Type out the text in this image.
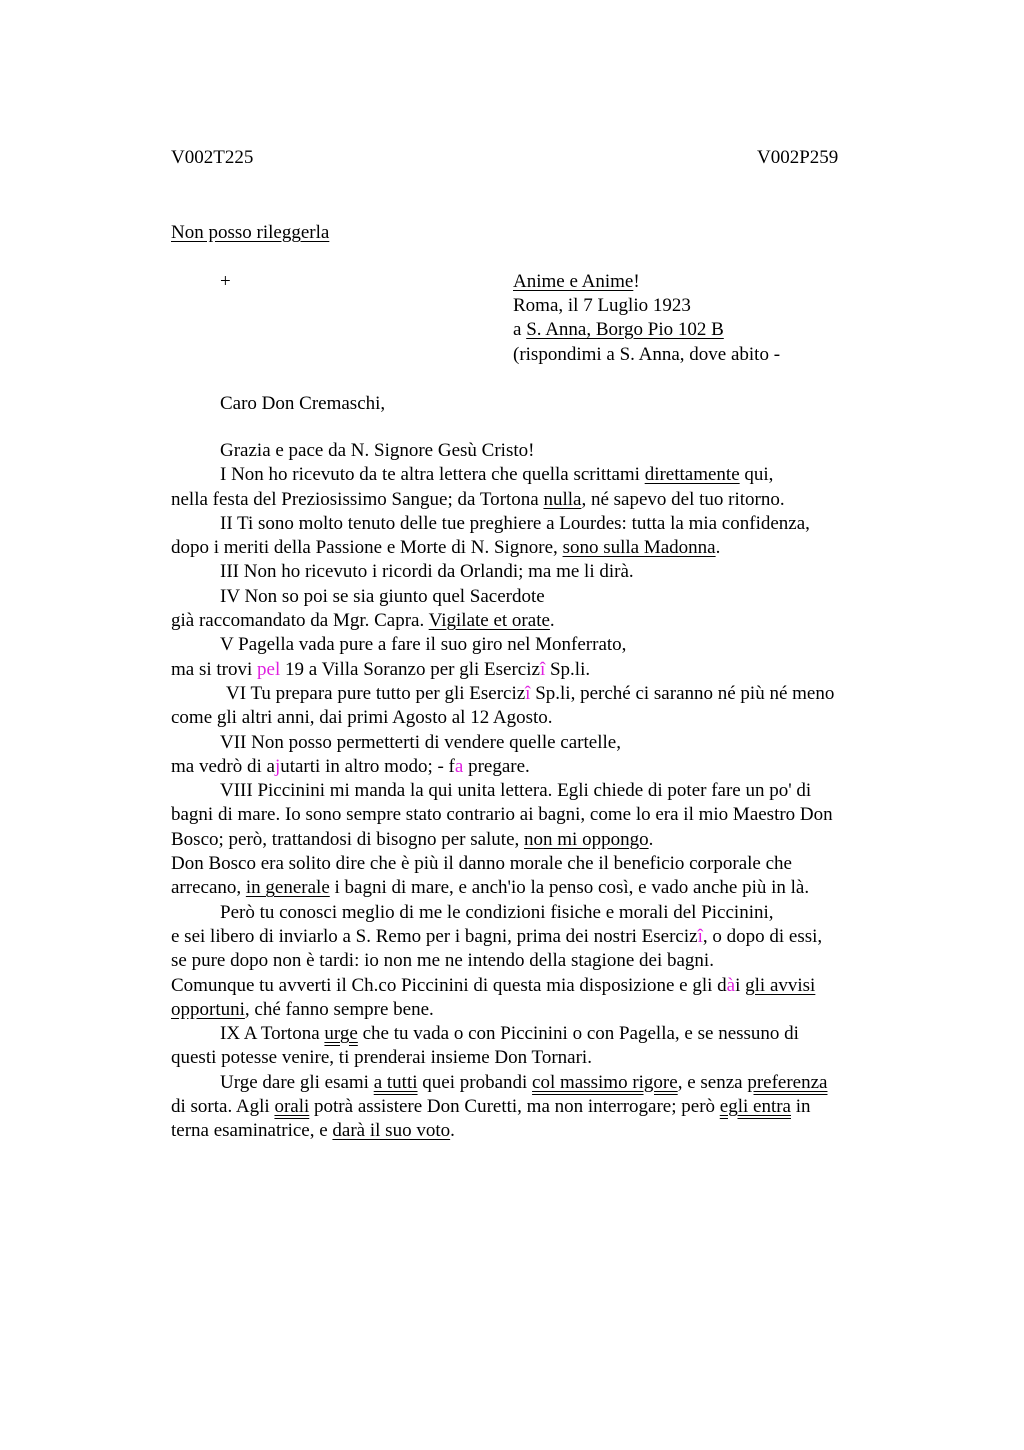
V002T225	V002P259
Non posso rileggerla
+	Anime e Anime!
Roma, il 7 Luglio 1923
a S. Anna, Borgo Pio 102 B
(rispondimi a S. Anna, dove abito -
Caro Don Cremaschi,
Grazia e pace da N. Signore Gesù Cristo!
I Non ho ricevuto da te altra lettera che quella scrittami direttamente qui,
nella festa del Preziosissimo Sangue; da Tortona nulla, né sapevo del tuo ritorno.
II Ti sono molto tenuto delle tue preghiere a Lourdes: tutta la mia confidenza,
dopo i meriti della Passione e Morte di N. Signore, sono sulla Madonna.
III Non ho ricevuto i ricordi da Orlandi; ma me li dirà.
IV Non so poi se sia giunto quel Sacerdote
già raccomandato da Mgr. Capra. Vigilate et orate.
V Pagella vada pure a fare il suo giro nel Monferrato,
ma si trovi pel 19 a Villa Soranzo per gli Esercizî Sp.li.
VI Tu prepara pure tutto per gli Esercizî Sp.li, perché ci saranno né più né meno
come gli altri anni, dai primi Agosto al 12 Agosto.
VII Non posso permetterti di vendere quelle cartelle,
ma vedrò di ajutarti in altro modo; - fa pregare.
VIII Piccinini mi manda la qui unita lettera. Egli chiede di poter fare un po' di
bagni di mare. Io sono sempre stato contrario ai bagni, come lo era il mio Maestro Don
Bosco; però, trattandosi di bisogno per salute, non mi oppongo.
Don Bosco era solito dire che è più il danno morale che il beneficio corporale che
arrecano, in generale i bagni di mare, e anch'io la penso così, e vado anche più in là.
Però tu conosci meglio di me le condizioni fisiche e morali del Piccinini,
e sei libero di inviarlo a S. Remo per i bagni, prima dei nostri Esercizî, o dopo di essi,
se pure dopo non è tardi: io non me ne intendo della stagione dei bagni.
Comunque tu avverti il Ch.co Piccinini di questa mia disposizione e gli dài gli avvisi
opportuni, ché fanno sempre bene.
IX A Tortona urge che tu vada o con Piccinini o con Pagella, e se nessuno di
questi potesse venire, ti prenderai insieme Don Tornari.
Urge dare gli esami a tutti quei probandi col massimo rigore, e senza preferenza
di sorta. Agli orali potrà assistere Don Curetti, ma non interrogare; però egli entra in
terna esaminatrice, e darà il suo voto.
